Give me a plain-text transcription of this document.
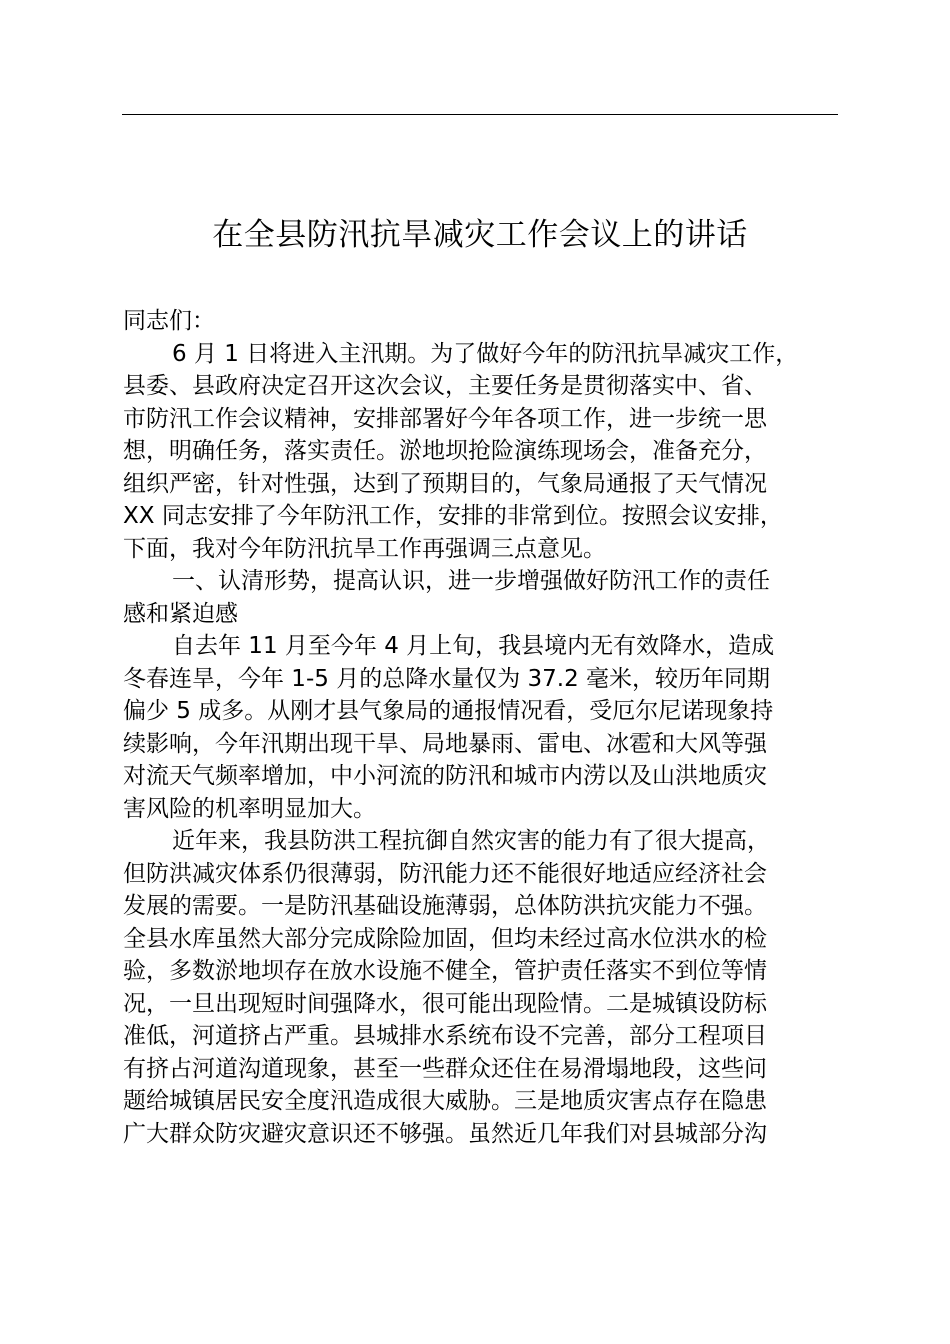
在全县防汛抗旱减灾工作会议上的讲话
同志们：
6 月 1 日将进入主汛期。为了做好今年的防汛抗旱减灾工作，
县委、县政府决定召开这次会议，主要任务是贯彻落实中、省、
市防汛工作会议精神，安排部署好今年各项工作，进一步统一思
想，明确任务，落实责任。淤地坝抢险演练现场会，准备充分，
组织严密，针对性强，达到了预期目的，气象局通报了天气情况
XX 同志安排了今年防汛工作，安排的非常到位。按照会议安排，
下面，我对今年防汛抗旱工作再强调三点意见。
一、认清形势，提高认识，进一步增强做好防汛工作的责任
感和紧迫感
自去年 11 月至今年 4 月上旬，我县境内无有效降水，造成
冬春连旱，今年 1-5 月的总降水量仅为 37.2 毫米，较历年同期
偏少 5 成多。从刚才县气象局的通报情况看，受厄尔尼诺现象持
续影响，今年汛期出现干旱、局地暴雨、雷电、冰雹和大风等强
对流天气频率增加，中小河流的防汛和城市内涝以及山洪地质灾
害风险的机率明显加大。
近年来，我县防洪工程抗御自然灾害的能力有了很大提高，
但防洪减灾体系仍很薄弱，防汛能力还不能很好地适应经济社会
发展的需要。一是防汛基础设施薄弱，总体防洪抗灾能力不强。
全县水库虽然大部分完成除险加固，但均未经过高水位洪水的检
验，多数淤地坝存在放水设施不健全，管护责任落实不到位等情
况，一旦出现短时间强降水，很可能出现险情。二是城镇设防标
准低，河道挤占严重。县城排水系统布设不完善，部分工程项目
有挤占河道沟道现象，甚至一些群众还住在易滑塌地段，这些问
题给城镇居民安全度汛造成很大威胁。三是地质灾害点存在隐患
广大群众防灾避灾意识还不够强。虽然近几年我们对县城部分沟
